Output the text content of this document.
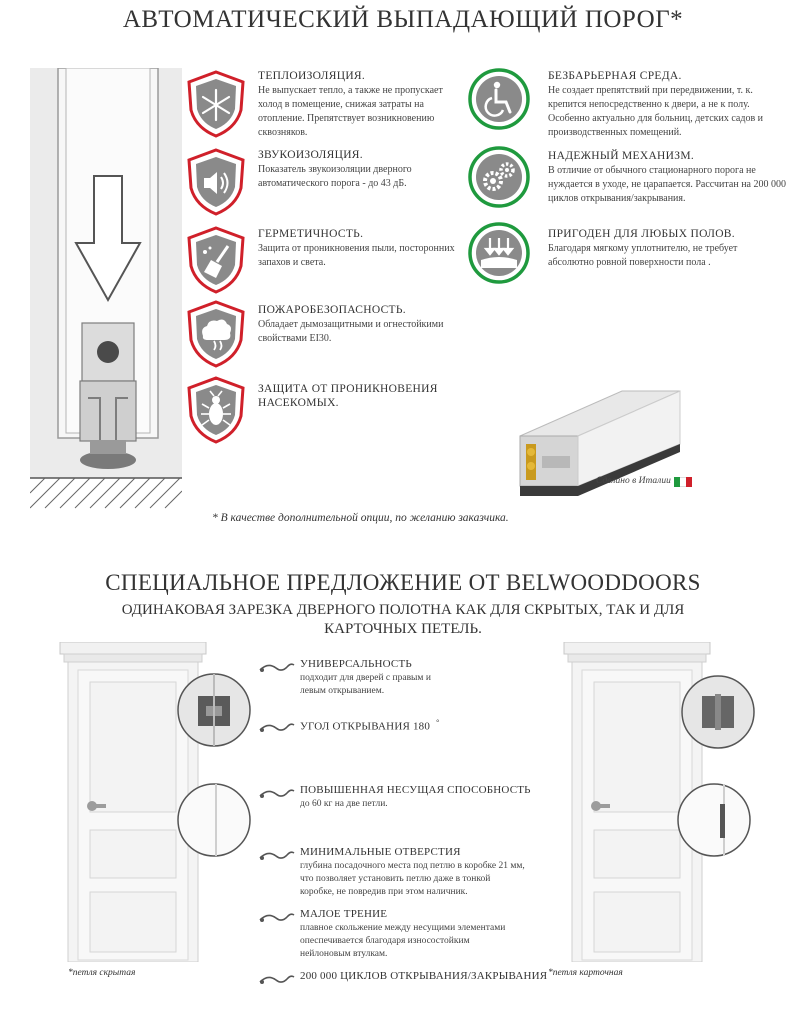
АВТОМАТИЧЕСКИЙ ВЫПАДАЮЩИЙ ПОРОГ*
ТЕПЛОИЗОЛЯЦИЯ.
Не выпускает тепло, а также не пропускает
холод в помещение, снижая затраты на
отопление. Препятствует возникновению
сквозняков.
ЗВУКОИЗОЛЯЦИЯ.
Показатель звукоизоляции дверного
автоматического порога - до 43 дБ.
ГЕРМЕТИЧНОСТЬ.
Защита от проникновения пыли, посторонних
запахов и света.
ПОЖАРОБЕЗОПАСНОСТЬ.
Обладает дымозащитными и огнестойкими
свойствами EI30.
ЗАЩИТА ОТ ПРОНИКНОВЕНИЯ НАСЕКОМЫХ.
БЕЗБАРЬЕРНАЯ СРЕДА.
Не создает препятствий при передвижении, т. к.
крепится непосредственно к двери, а не к полу.
Особенно актуально для больниц, детских садов и
производственных помещений.
НАДЕЖНЫЙ МЕХАНИЗМ.
В отличие от обычного стационарного порога не
нуждается в уходе, не царапается. Рассчитан на 200 000
циклов открывания/закрывания.
ПРИГОДЕН ДЛЯ ЛЮБЫХ ПОЛОВ.
Благодаря мягкому уплотнителю, не требует
абсолютно ровной поверхности пола .
Сделано в Италии
* В качестве дополнительной опции, по желанию заказчика.
СПЕЦИАЛЬНОЕ ПРЕДЛОЖЕНИЕ ОТ BELWOODDOORS
ОДИНАКОВАЯ ЗАРЕЗКА ДВЕРНОГО ПОЛОТНА КАК ДЛЯ СКРЫТЫХ, ТАК И ДЛЯ
КАРТОЧНЫХ ПЕТЕЛЬ.
*петля скрытая	*петля карточная
УНИВЕРСАЛЬНОСТЬ
подходит для дверей с правым и
левым открыванием.
УГОЛ ОТКРЫВАНИЯ 180 °
ПОВЫШЕННАЯ НЕСУЩАЯ СПОСОБНОСТЬ
до 60 кг на две петли.
МИНИМАЛЬНЫЕ ОТВЕРСТИЯ
глубина посадочного места под петлю в коробке 21 мм,
что позволяет установить петлю даже в тонкой
коробке, не повредив при этом наличник.
МАЛОЕ ТРЕНИЕ
плавное скольжение между несущими элементами
опеспечивается благодаря износостойким
нейлоновым втулкам.
200 000 ЦИКЛОВ ОТКРЫВАНИЯ/ЗАКРЫВАНИЯ
